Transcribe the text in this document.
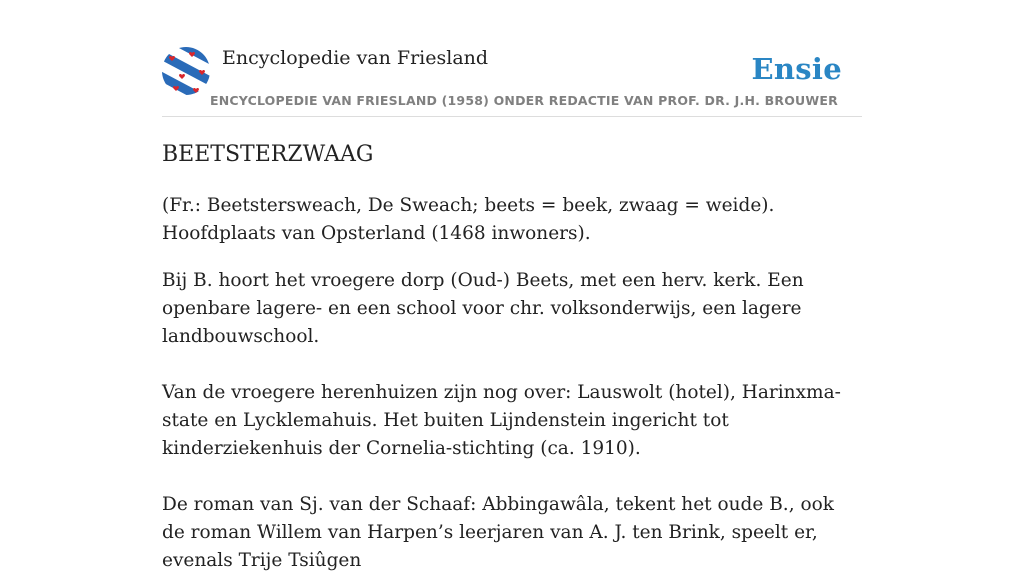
Encyclopedie van Friesland	Ensie
ENCYCLOPEDIE VAN FRIESLAND (1958) ONDER REDACTIE VAN PROF. DR. J.H. BROUWER
BEETSTERZWAAG

(Fr.: Beetstersweach, De Sweach; beets = beek, zwaag = weide). Hoofdplaats van Opsterland (1468 inwoners).

Bij B. hoort het vroegere dorp (Oud-) Beets, met een herv. kerk. Een openbare lagere- en een school voor chr. volksonderwijs, een lagere landbouwschool.

Van de vroegere herenhuizen zijn nog over: Lauswolt (hotel), Harinxma-state en Lycklemahuis. Het buiten Lijndenstein ingericht tot kinderziekenhuis der Cornelia-stichting (ca. 1910).

De roman van Sj. van der Schaaf: Abbingawâla, tekent het oude B., ook de roman Willem van Harpen’s leerjaren van A. J. ten Brink, speelt er, evenals Trije Tsiûgen
